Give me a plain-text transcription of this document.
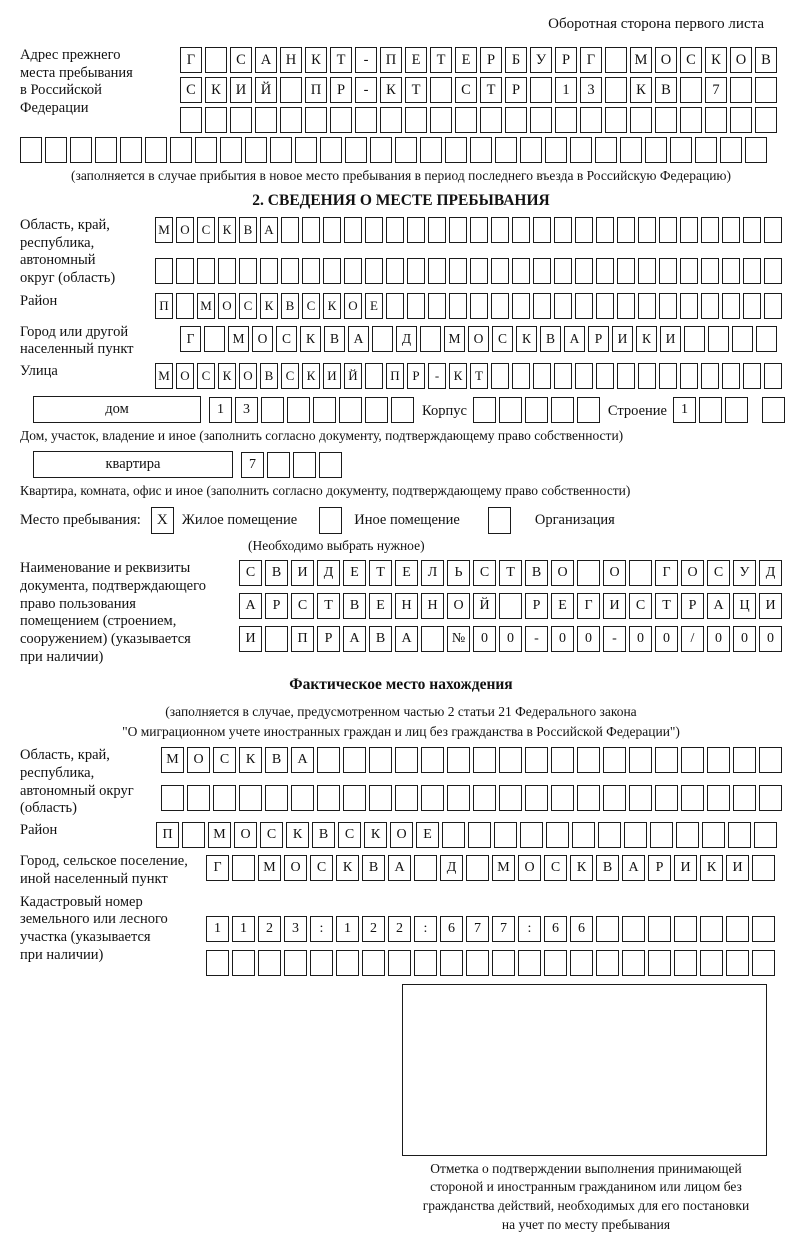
Оборотная сторона первого листа
Адрес прежнего
места пребывания
в Российской
Федерации
Г	С	А	Н	К	Т	-	П	Е	Т	Е	Р	Б	У	Р	Г	М О	С	К	О	В
С	К	И	Й	П	Р	-	К	Т	С	Т	Р	1	3	К	В	7
(заполняется в случае прибытия в новое место пребывания в период последнего въезда в Российскую Федерацию)
2. СВЕДЕНИЯ О МЕСТЕ ПРЕБЫВАНИЯ
Область, край,
республика,
автономный
округ (область)
М О С К В А
Район	П	М О С К В С К О Е
Город или другой
населенный пункт
Г	М О	С	К	В	А	Д	М О	С	К	В	А	Р	И	К	И
Улица	М О С К О В С К И Й	П Р	-	К Т
дом	1	3	Корпус	Строение	1
Дом, участок, владение и иное (заполнить согласно документу, подтверждающему право собственности)
квартира	7
Квартира, комната, офис и иное (заполнить согласно документу, подтверждающему право собственности)
Место пребывания:	X Жилое помещение	Иное помещение	Организация
(Необходимо выбрать нужное)
Наименование и реквизиты
документа, подтверждающего
право пользования
помещением (строением,
сооружением) (указывается
при наличии)
С	В	И	Д	Е	Т	Е	Л	Ь	С	Т	В	О	О	Г	О	С	У	Д
А	Р	С	Т	В	Е	Н	Н	О	Й	Р	Е	Г	И	С	Т	Р	А	Ц	И
И	П	Р	А	В	А	№	0	0	-	0	0	-	0	0	/	0	0	0
Фактическое место нахождения
(заполняется в случае, предусмотренном частью 2 статьи 21 Федерального закона
"О миграционном учете иностранных граждан и лиц без гражданства в Российской Федерации")
Область, край,
республика,
автономный округ
(область)
М	О	С	К	В	А
Район	П	М	О	С	К	В	С	К	О	Е
Город, сельское поселение,
иной населенный пункт
Г	М	О	С	К	В	А	Д	М	О	С	К	В	А	Р	И	К	И
Кадастровый номер
земельного или лесного
участка (указывается
при наличии)
1	1	2	3	:	1	2	2	:	6	7	7	:	6	6
Отметка о подтверждении выполнения принимающей
стороной и иностранным гражданином или лицом без
гражданства действий, необходимых для его постановки
на учет по месту пребывания
